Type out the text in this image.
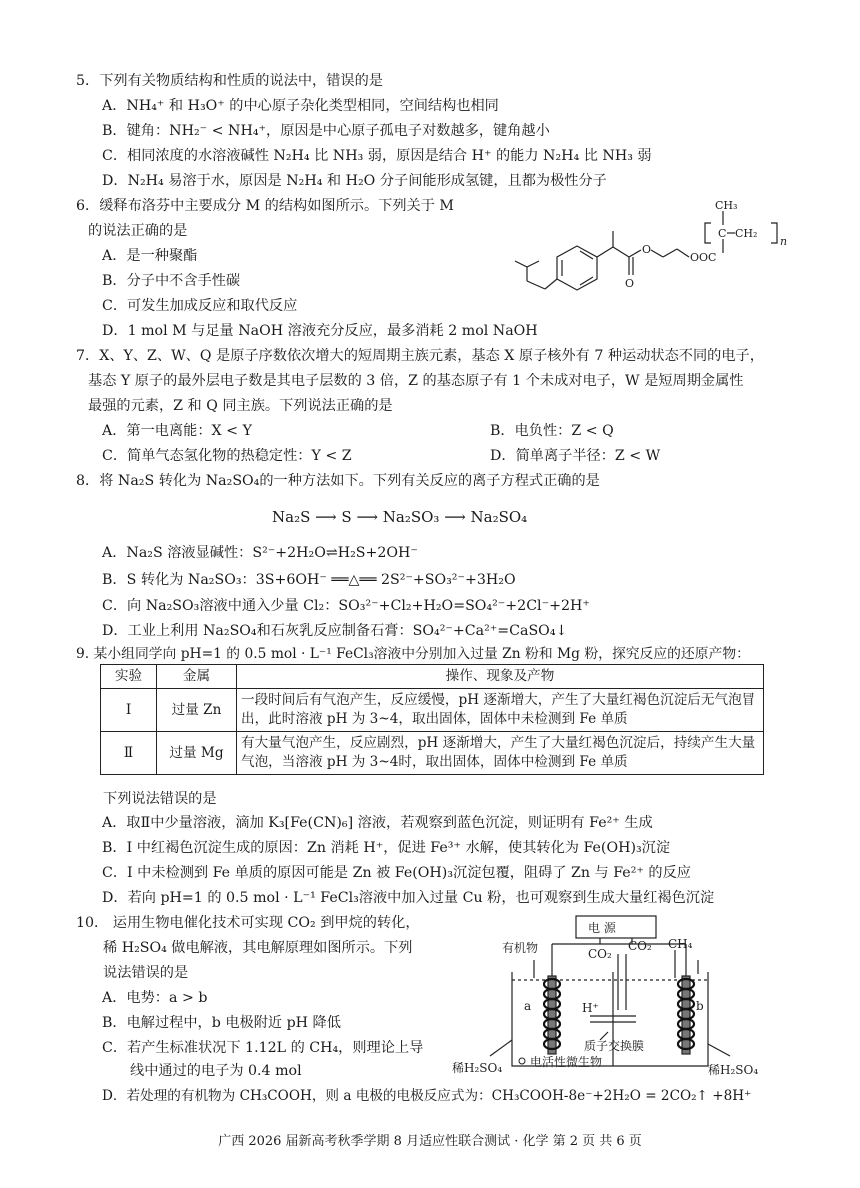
5．下列有关物质结构和性质的说法中，错误的是
A．NH₄⁺ 和 H₃O⁺ 的中心原子杂化类型相同，空间结构也相同
B．键角：NH₂⁻ < NH₄⁺，原因是中心原子孤电子对数越多，键角越小
C．相同浓度的水溶液碱性 N₂H₄ 比 NH₃ 弱，原因是结合 H⁺ 的能力 N₂H₄ 比 NH₃ 弱
D．N₂H₄ 易溶于水，原因是 N₂H₄ 和 H₂O 分子间能形成氢键，且都为极性分子
6．缓释布洛芬中主要成分 M 的结构如图所示。下列关于 M
的说法正确的是
A．是一种聚酯
B．分子中不含手性碳
C．可发生加成反应和取代反应
D．1 mol M 与足量 NaOH 溶液充分反应，最多消耗 2 mol NaOH
O
O
OOC
CH₃
C CH₂
n
7．X、Y、Z、W、Q 是原子序数依次增大的短周期主族元素，基态 X 原子核外有 7 种运动状态不同的电子，
基态 Y 原子的最外层电子数是其电子层数的 3 倍，Z 的基态原子有 1 个未成对电子，W 是短周期金属性
最强的元素，Z 和 Q 同主族。下列说法正确的是
A．第一电离能：X < Y	B．电负性：Z < Q
C．简单气态氢化物的热稳定性：Y < Z	D．简单离子半径：Z < W
8．将 Na₂S 转化为 Na₂SO₄的一种方法如下。下列有关反应的离子方程式正确的是
Na₂S ⟶ S ⟶ Na₂SO₃ ⟶ Na₂SO₄
A．Na₂S 溶液显碱性：S²⁻+2H₂O⇌H₂S+2OH⁻
B．S 转化为 Na₂SO₃：3S+6OH⁻ ══△══ 2S²⁻+SO₃²⁻+3H₂O
C．向 Na₂SO₃溶液中通入少量 Cl₂：SO₃²⁻+Cl₂+H₂O=SO₄²⁻+2Cl⁻+2H⁺
D．工业上利用 Na₂SO₄和石灰乳反应制备石膏：SO₄²⁻+Ca²⁺=CaSO₄↓
9. 某小组同学向 pH=1 的 0.5 mol · L⁻¹ FeCl₃溶液中分别加入过量 Zn 粉和 Mg 粉，探究反应的还原产物：
实验	金属	操作、现象及产物
Ⅰ	过量 Zn	一段时间后有气泡产生，反应缓慢，pH 逐渐增大，产生了大量红褐色沉淀后无气泡冒出，此时溶液 pH 为 3~4，取出固体，固体中未检测到 Fe 单质
Ⅱ	过量 Mg	有大量气泡产生，反应剧烈，pH 逐渐增大，产生了大量红褐色沉淀后，持续产生大量气泡，当溶液 pH 为 3~4时，取出固体，固体中检测到 Fe 单质
下列说法错误的是
A．取Ⅱ中少量溶液，滴加 K₃[Fe(CN)₆] 溶液，若观察到蓝色沉淀，则证明有 Fe²⁺ 生成
B．I 中红褐色沉淀生成的原因：Zn 消耗 H⁺，促进 Fe³⁺ 水解，使其转化为 Fe(OH)₃沉淀
C．I 中未检测到 Fe 单质的原因可能是 Zn 被 Fe(OH)₃沉淀包覆，阻碍了 Zn 与 Fe²⁺ 的反应
D．若向 pH=1 的 0.5 mol · L⁻¹ FeCl₃溶液中加入过量 Cu 粉，也可观察到生成大量红褐色沉淀
10． 运用生物电催化技术可实现 CO₂ 到甲烷的转化，
稀 H₂SO₄ 做电解液，其电解原理如图所示。下列
说法错误的是
A．电势：a > b
B．电解过程中，b 电极附近 pH 降低
C．若产生标准状况下 1.12L 的 CH₄，则理论上导
线中通过的电子为 0.4 mol
D．若处理的有机物为 CH₃COOH，则 a 电极的电极反应式为：CH₃COOH-8e⁻+2H₂O = 2CO₂↑ +8H⁺
电 源
有机物	CO₂
CO₂ CH₄
a	b
H⁺
质子交换膜
稀H₂SO₄	稀H₂SO₄
电活性微生物
广西 2026 届新高考秋季学期 8 月适应性联合测试 · 化学 第 2 页 共 6 页
